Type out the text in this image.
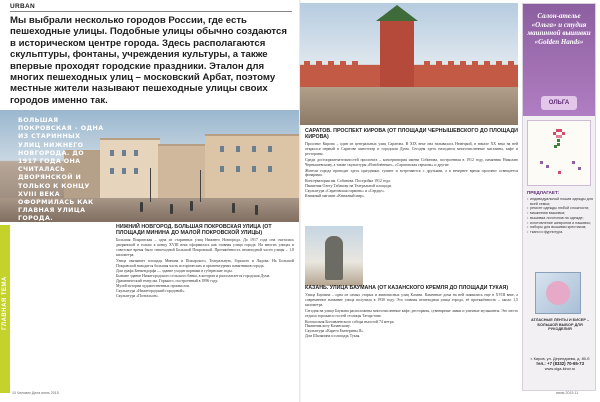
URBAN
Мы выбрали несколько городов России, где есть пешеходные улицы. Подобные улицы обычно создаются в историческом центре города. Здесь располагаются скульптуры, фонтаны, учреждения культуры, а также впервые проходят городские праздники. Эталон для многих пешеходных улиц – московский Арбат, поэтому местные жители называют пешеходные улицы своих городов именно так.
БОЛЬШАЯ ПОКРОВСКАЯ – ОДНА ИЗ СТАРИННЫХ УЛИЦ НИЖНЕГО НОВГОРОДА. ДО 1917 ГОДА ОНА СЧИТАЛАСЬ ДВОРЯНСКОЙ И ТОЛЬКО К КОНЦУ XVIII ВЕКА ОФОРМИЛАСЬ КАК ГЛАВНАЯ УЛИЦА ГОРОДА.
ГЛАВНАЯ ТЕМА
НИЖНИЙ НОВГОРОД. БОЛЬШАЯ ПОКРОВСКАЯ УЛИЦА (ОТ ПЛОЩАДИ МИНИНА ДО МАЛОЙ ПОКРОВСКОЙ УЛИЦЫ)

Большая Покровская – одна из старинных улиц Нижнего Новгорода. До 1917 года она считалась дворянской и только к концу XVIII века оформилась как главная улица города. На многих улицах в советское время было пешеходной Большой Покровской. Протяжённость пешеходной части улицы – 1,8 километра.

Улица связывает площадь Минина и Пожарского, Театральную, Горького и Лядова. На Большой Покровской находятся большая часть исторических и архитектурных памятников города.

Дом графа Бенкендорфа — здание уходит корнями в губернские годы.
Бывшее здание Нижегородского сельского банка, в котором и располагается городская Дума.
Драматический театр им. Горького, построенный в 1896 году.
Музей истории художественных промыслов.
Скульптура «Нижегородский городовой».
Скульптура «Почтальон».
10 Человек Дела июнь 2015
САРАТОВ. ПРОСПЕКТ КИРОВА (ОТ ПЛОЩАДИ ЧЕРНЫШЕВСКОГО ДО ПЛОЩАДИ КИРОВА)

Проспект Кирова – один из центральных улиц Саратова. В XIX веке она называлась Немецкой, в начале XX века на ней открылся первый в Саратове кинотеатр и городская Дума. Сегодня здесь находятся многочисленные магазины, кафе и рестораны.

Среди достопримечательностей проспекта – консерватория имени Собинова, построенная в 1912 году, памятник Николаю Чернышевскому, а также скульптуры «Влюблённые», «Саратовская гармонь» и другие.

Жители города проводят здесь праздники, гуляют и встречаются с друзьями, а в вечернее время проспект освещается фонарями.

Консерватория им. Собинова. Постройка 1912 года.
Памятник Олегу Табакову на Театральной площади.
Скульптура «Саратовская гармонь» и «Сердце».
Книжный магазин «Книжный мир».
КАЗАНЬ. УЛИЦА БАУМАНА (ОТ КАЗАНСКОГО КРЕМЛЯ ДО ПЛОЩАДИ ТУКАЯ)

Улица Баумана – одна из самых старых и живописных улиц Казани. Каменные дома на ней появились еще в XVIII веке, а современное название улица получила в 1930 году. Это главная пешеходная улица города, её протяжённость – около 1,5 километра.

Сегодня на улице Баумана расположены многочисленные кафе, рестораны, сувенирные лавки и уличные музыканты. Это место отдыха горожан и гостей столицы Татарстана.

Колокольня Богоявленского собора высотой 74 метра.
Памятник коту Казанскому.
Скульптура «Карета Екатерины II».
Дом Шаляпина и площадь Тукая.
Салон-ателье «Ольга» и студия машинной вышивки «Golden Hands»
ОЛЬГА
ПРЕДЛАГАЕТ:
• индивидуальный пошив одежды для всей семьи;
• ремонт одежды любой сложности;
• машинная вышивка;
• вышивка логотипов на одежде;
• изготовление шевронов и нашивок;
• наборы для вышивки крестиком;
• ткани и фурнитура.
АТЛАСНЫЕ ЛЕНТЫ И БИСЕР – БОЛЬШОЙ ВЫБОР ДЛЯ РУКОДЕЛИЯ
г. Киров, ул. Дерендяева, д. 80-б
тел.: +7 (8332) 70-65-73
www.olga-kirov.ru
июнь 2015 11
